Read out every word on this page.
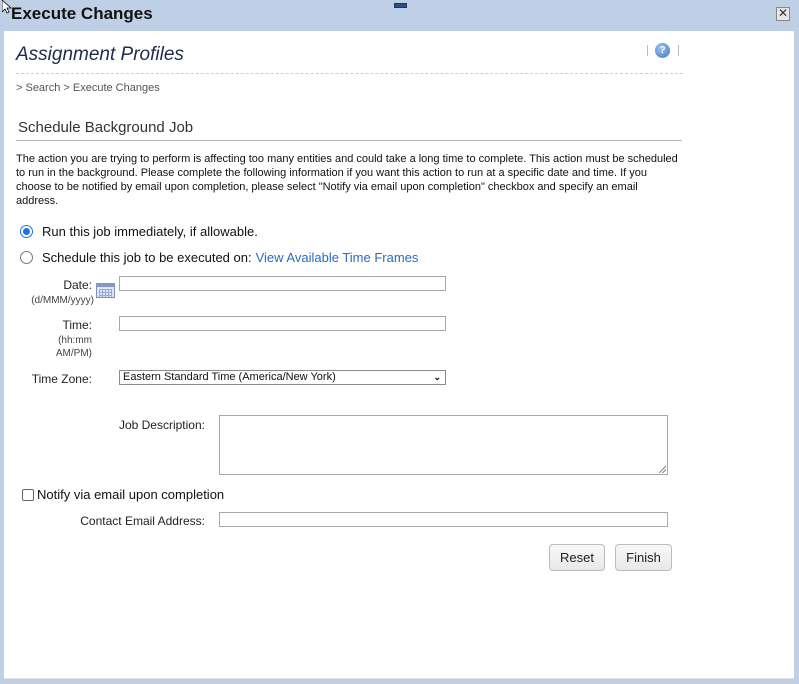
Execute Changes	✕
Assignment Profiles	?
> Search > Execute Changes
Schedule Background Job
The action you are trying to perform is affecting too many entities and could take a long time to complete. This action must be scheduled to run in the background. Please complete the following information if you want this action to run at a specific date and time. If you choose to be notified by email upon completion, please select "Notify via email upon completion" checkbox and specify an email address.
Run this job immediately, if allowable.
Schedule this job to be executed on: View Available Time Frames
Date:
(d/MMM/yyyy)
Time:
(hh:mm
AM/PM)
Time Zone:	Eastern Standard Time (America/New York)	⌄
Job Description:
Notify via email upon completion
Contact Email Address:
Reset	Finish
